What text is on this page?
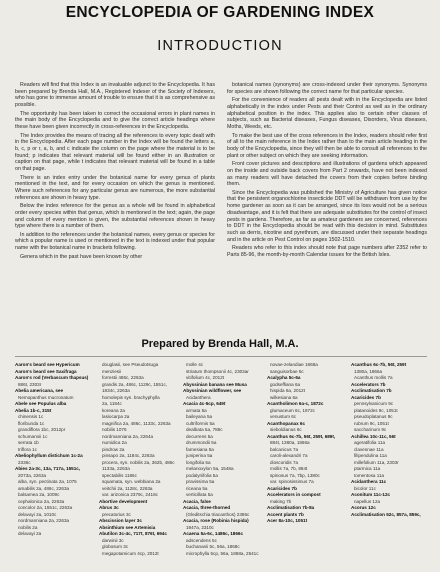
ENCYCLOPEDIA OF GARDENING INDEX
INTRODUCTION

Readers will find that this Index is an invaluable adjunct to the Encyclopedia. It has been prepared by Brenda Hall, M.A., Registered Indexer of the Society of Indexers, who has gone to immense amount of trouble to ensure that it is as comprehensive as possible.

The opportunity has been taken to correct the occasional errors in plant names in the main body of the Encyclopedia and to give the correct article headings where these have been given incorrectly in cross-references in the Encyclopedia.

The Index provides the means of tracing all the references to every topic dealt with in the Encyclopedia. After each page number in the Index will be found the letters a, b, c, p or r, a, b, and c indicate the column on the page where the material is to be found; p indicates that relevant material will be found either in an illustration or caption on that page, while t indicates that relevant material will be found in a table on that page.

There is an index entry under the botanical name for every genus of plants mentioned in the text, and for every occasion on which the genus is mentioned. Where such references for any particular genus are numerous, the more substantial references are shown in heavy type.

Below the index reference for the genus as a whole will be found in alphabetical order every species within that genus, which is mentioned in the text; again, the page and column of every mention is given, the substantial references shown in heavy type where there is a number of them.

In addition to the references under the botanical names, every genus or species for which a popular name is used or mentioned in the text is indexed under that popular name with the botanical name in brackets following.

Genera which in the past have been known by other

botanical names (synonyms) are cross-indexed under their synonyms. Synonyms for species are shown following the correct name for that particular species.

For the convenience of readers all pests dealt with in the Encyclopedia are listed alphabetically in the index under Pests and their Control as well as in the ordinary alphabetical position in the index. This applies also to certain other classes of subjects, such as Bacterial diseases, Fungus diseases, Disorders, Virus diseases, Moths, Weeds, etc.

To make the best use of the cross references in the Index, readers should refer first of all to the main reference in the Index rather than to the main article heading in the body of the Encyclopedia, since they will then be able to consult all references to the plant or other subject on which they are seeking information.

Front cover pictures and descriptions and illustrations of gardens which appeared on the inside and outside back covers from Part 2 onwards, have not been indexed as many readers will have detached the covers from their copies before binding them.

Since the Encyclopedia was published the Ministry of Agriculture has given notice that the persistent organochlorine insecticide DDT will be withdrawn from use by the home gardener as soon as it can be arranged, since its loss would not be a serious disadvantage, and it is felt that there are adequate substitutes for the control of insect pests in gardens. Therefore, as far as amateur gardeners are concerned, references to DDT in the Encyclopedia should be read with this decision in mind. Substitutes such as derris, nicotine and pyrethrum, are discussed under their separate headings and in the article on Pest Control on pages 1502-1510.

Readers who refer to this index should note that page numbers after 2352 refer to Parts 85-96, the month-by-month Calendar issues for the British Isles.

Prepared by Brenda Hall, M.A.
Aaron's beard see Hypericum
Aaron's beard see Saxifraga
Aaron's rod (Verbascum thapsus)
886t, 2303r
Abelia americana, see
Nemopanthus mucronatum
Abele see Populus alba
Abelia 1b-c, 315t
chinensis 1c
floribunda 1c
grandiflora 1bc, 2012pr
schumannii 1c
serrata 1b
triflora 1c
Abeliophyllum distichum 1c-2a
2336c
Abies 2a-3c, 13a, 717a, 1551c,
2073a, 2263a
alba, syn. pectinata 2a, 1075
amabilis 2a, 486c, 2263a
balsamea 2a, 1009c
cephalonica 2a, 2263a
concolor 2a, 1551c, 2263a
delavayi 2a, 1010c
nordmanniana 2a, 2263a
nobilis 2a
delavayi 2a
douglasii, see Pseudotsuga
menziesii
forrestii 486c, 2263a
grandis 2a, 486c, 1129c, 1551c,
1834c, 2263a
homolepis syn. brachyphylla
2a, 1184c
koreana 2a
lasiocarpa 2a
magnifica 2a, 486c, 1133c, 2263a
nobilis 1076
nordmanniana 2a, 2264a
numidica 2a
pindrow 2a
pinsapo 2a, 1184c, 2263a
procera, syn. nobilis 2a, 362b, 486c
1133a, 2263a
spectabilis 1186c
squamata, syn. webbiana 2a
veitchii 2a, 1128c, 2263a
var. arizonica 2379c, 2418c
Abortive development
Abrus 3c
precatorius 3c
Abscission layer 3c
Absinthium see Artemisia
Abutilon 3c-4c, 717t, 876t, 694c
darwinii 3c
globosum 3c
megapotamicum 4cp, 2012t
molle 4c
striatum thompsonii 4c, 2303ar
vitifolium 4c, 2012t
Abyssinian banana see Musa
Abyssinian wildflower, see
Acidanthera
Acacia 4c-5cp, 649t
armata 5a
baileyana 5a
cultriformis 5a
dealbata 5a, 788c
decurrens 5a
drummondii 5a
farnesiana 5a
juniperina 5a
longifolia 5a
melanoxylon 5a, 1548a
podalyriifolia 5a
pravissima 5a
riceana 5a
verticillata 5a
Acacia, false
Acacia, three-thorned
(Gleditschia triacanthos) 2386c
Acacia, rose (Robinia hispida)
1947a, 2310c
Acaena 5a-6c, 1486c, 1866c
adscendens 5c
buchananii 5c, 56a, 1868c
microphylla 5cp, 56a, 1868a, 2541c
novae-zelandiae 1868a
sanguisorbae 5c
Acalypha 5c-6a
godseffiana 6a
hispida 6a, 2012t
wilkesiana 6a
Acantholimon 6a-c, 1872c
glumaceum 6c, 1872c
venustum 6c
Acanthopanax 6c
sieboldianus 6c
Acanthus 6c-7b, 56t, 259t, 689t,
884t, 1380a, 1866a
balcanicus 7a
caroli-alexandri 7a
dioscoridis 7a
mollis 7a, 7b, 884t
spinosus 7a, 7bp, 1380c
var. spinosissimus 7a
Acaricides 7b
Accelerators in compost
making 7b
Acclimatisation 7b-8a
Accent plants 7b
Acer 8a-10c, 1051t
Acanthus 6c-7b, 56t, 259t
1380a, 1866a
Acanthus mollis 7a
Accelerators 7b
Acclimatisation 7b
Acaricides 7b
pennsylvanicum 9c
platanoides 9c, 1051t
pseudoplatanus 9c
rubrum 9c, 1051t
saccharinum 9c
Achillea 10c-11c, 56t
ageratifolia 11a
clavennae 11a
filipendulina 11a
millefolium 11a, 2303r
ptarmica 11a
tomentosa 11a
Acidanthera 11c
bicolor 11c
Aconitum 11c-12c
napellus 12a
Acorus 12c
Acclimatisation 52c, 857a, 859c,
